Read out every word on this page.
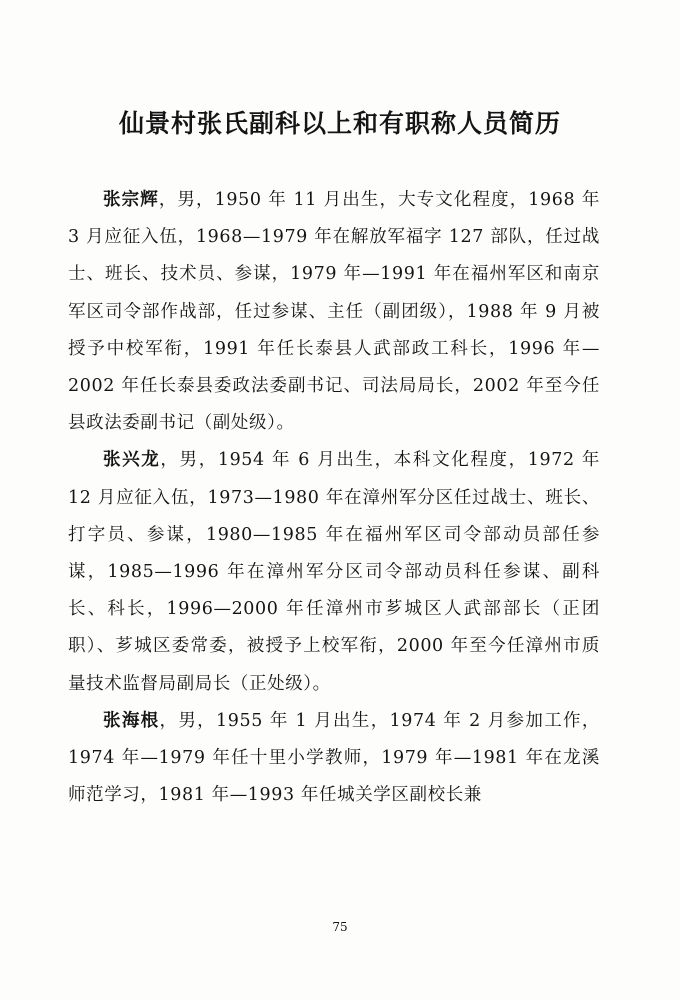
仙景村张氏副科以上和有职称人员简历

张宗辉，男，1950 年 11 月出生，大专文化程度，1968 年 3 月应征入伍，1968—1979 年在解放军福字 127 部队，任过战士、班长、技术员、参谋，1979 年—1991 年在福州军区和南京军区司令部作战部，任过参谋、主任（副团级），1988 年 9 月被授予中校军衔，1991 年任长泰县人武部政工科长，1996 年—2002 年任长泰县委政法委副书记、司法局局长，2002 年至今任县政法委副书记（副处级）。

张兴龙，男，1954 年 6 月出生，本科文化程度，1972 年 12 月应征入伍，1973—1980 年在漳州军分区任过战士、班长、打字员、参谋，1980—1985 年在福州军区司令部动员部任参谋，1985—1996 年在漳州军分区司令部动员科任参谋、副科长、科长，1996—2000 年任漳州市芗城区人武部部长（正团职）、芗城区委常委，被授予上校军衔，2000 年至今任漳州市质量技术监督局副局长（正处级）。

张海根，男，1955 年 1 月出生，1974 年 2 月参加工作，1974 年—1979 年任十里小学教师，1979 年—1981 年在龙溪师范学习，1981 年—1993 年任城关学区副校长兼

75
